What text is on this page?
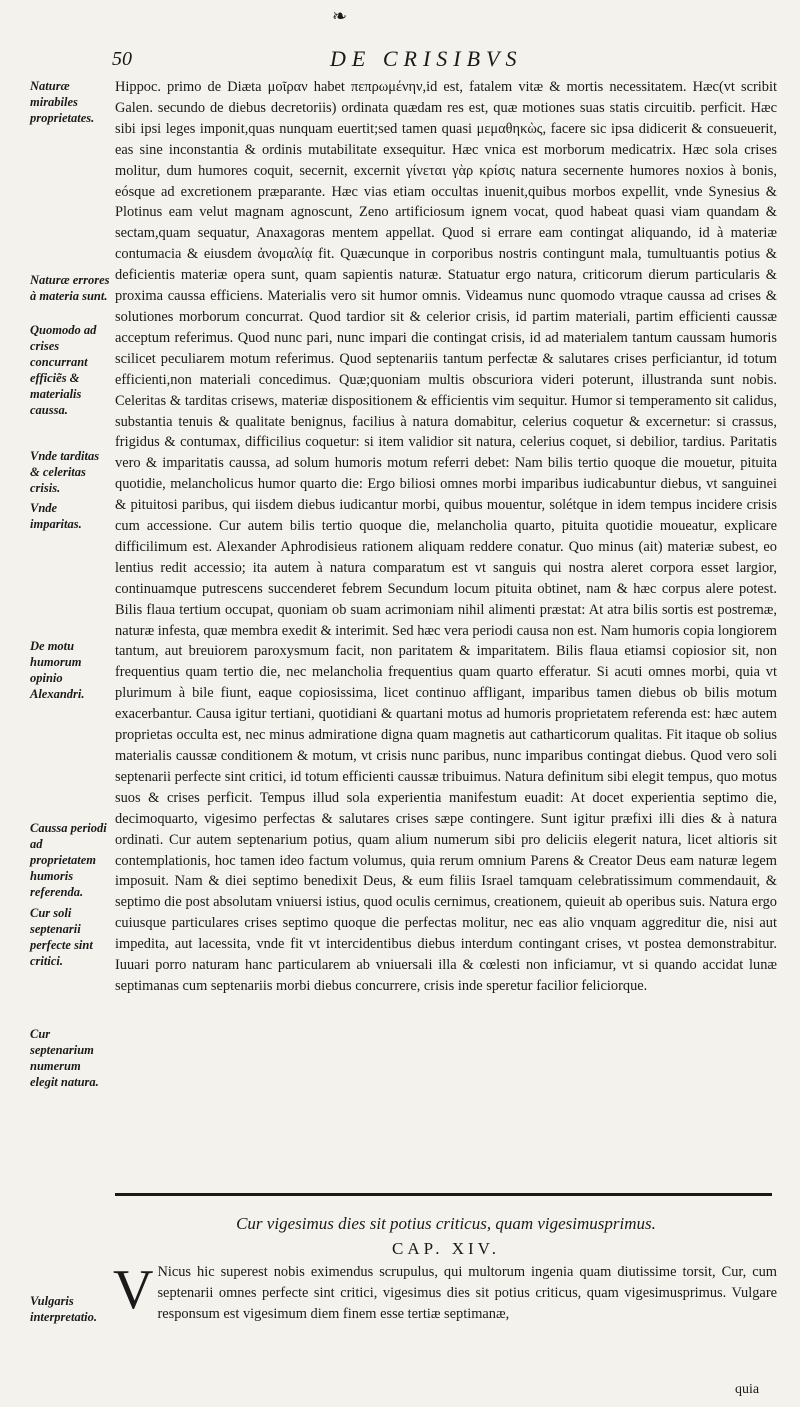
❧
50	DE CRISIBVS
Naturæ mirabiles proprietates.
Naturæ errores à materia sunt.
Quomodo ad crises concurrant efficiẽs & materialis caussa.
Vnde tarditas & celeritas crisis.
Vnde imparitas.
De motu humorum opinio Alexandri.
Caussa periodi ad proprietatem humoris referenda.
Cur soli septenarii perfecte sint critici.
Cur septenarium numerum elegit natura.
Vulgaris interpretatio.

Hippoc. primo de Diæta μοῖραν habet πεπρωμένην,id est, fatalem vitæ & mortis necessitatem. Hæc(vt scribit Galen. secundo de diebus decretoriis) ordinata quædam res est, quæ motiones suas statis circuitib. perficit. Hæc sibi ipsi leges imponit,quas nunquam euertit;sed tamen quasi μεμαθηκὼς, facere sic ipsa didicerit & consueuerit, eas sine inconstantia & ordinis mutabilitate exsequitur. Hæc vnica est morborum medicatrix. Hæc sola crises molitur, dum humores coquit, secernit, excernit γίνεται γὰρ κρίσις natura secernente humores noxios à bonis, eósque ad excretionem præparante. Hæc vias etiam occultas inuenit,quibus morbos expellit, vnde Synesius & Plotinus eam velut magnam agnoscunt, Zeno artificiosum ignem vocat, quod habeat quasi viam quandam & sectam,quam sequatur, Anaxagoras mentem appellat. Quod si errare eam contingat aliquando, id à materiæ contumacia & eiusdem ἀνομαλίᾳ fit. Quæcunque in corporibus nostris contingunt mala, tumultuantis potius & deficientis materiæ opera sunt, quam sapientis naturæ. Statuatur ergo natura, criticorum dierum particularis & proxima caussa efficiens. Materialis vero sit humor omnis. Videamus nunc quomodo vtraque caussa ad crises & solutiones morborum concurrat. Quod tardior sit & celerior crisis, id partim materiali, partim efficienti caussæ acceptum referimus. Quod nunc pari, nunc impari die contingat crisis, id ad materialem tantum caussam humoris scilicet peculiarem motum referimus. Quod septenariis tantum perfectæ & salutares crises perficiantur, id totum efficienti,non materiali concedimus. Quæ;quoniam multis obscuriora videri poterunt, illustranda sunt nobis. Celeritas & tarditas crisews, materiæ dispositionem & efficientis vim sequitur. Humor si temperamento sit calidus, substantia tenuis & qualitate benignus, facilius à natura domabitur, celerius coquetur & excernetur: si crassus, frigidus & contumax, difficilius coquetur: si item validior sit natura, celerius coquet, si debilior, tardius. Paritatis vero & imparitatis caussa, ad solum humoris motum referri debet: Nam bilis tertio quoque die mouetur, pituita quotidie, melancholicus humor quarto die: Ergo biliosi omnes morbi imparibus iudicabuntur diebus, vt sanguinei & pituitosi paribus, qui iisdem diebus iudicantur morbi, quibus mouentur, solétque in idem tempus incidere crisis cum accessione. Cur autem bilis tertio quoque die, melancholia quarto, pituita quotidie moueatur, explicare difficilimum est. Alexander Aphrodisieus rationem aliquam reddere conatur. Quo minus (ait) materiæ subest, eo lentius redit accessio; ita autem à natura comparatum est vt sanguis qui nostra aleret corpora esset largior, continuamque putrescens succenderet febrem Secundum locum pituita obtinet, nam & hæc corpus alere potest. Bilis flaua tertium occupat, quoniam ob suam acrimoniam nihil alimenti præstat: At atra bilis sortis est postremæ, naturæ infesta, quæ membra exedit & interimit. Sed hæc vera periodi causa non est. Nam humoris copia longiorem tantum, aut breuiorem paroxysmum facit, non paritatem & imparitatem. Bilis flaua etiamsi copiosior sit, non frequentius quam tertio die, nec melancholia frequentius quam quarto efferatur. Si acuti omnes morbi, quia vt plurimum à bile fiunt, eaque copiosissima, licet continuo affligant, imparibus tamen diebus ob bilis motum exacerbantur. Causa igitur tertiani, quotidiani & quartani motus ad humoris proprietatem referenda est: hæc autem proprietas occulta est, nec minus admiratione digna quam magnetis aut catharticorum qualitas. Fit itaque ob solius materialis caussæ conditionem & motum, vt crisis nunc paribus, nunc imparibus contingat diebus. Quod vero soli septenarii perfecte sint critici, id totum efficienti caussæ tribuimus. Natura definitum sibi elegit tempus, quo motus suos & crises perficit. Tempus illud sola experientia manifestum euadit: At docet experientia septimo die, decimoquarto, vigesimo perfectas & salutares crises sæpe contingere. Sunt igitur præfixi illi dies & à natura ordinati. Cur autem septenarium potius, quam alium numerum sibi pro deliciis elegerit natura, licet altioris sit contemplationis, hoc tamen ideo factum volumus, quia rerum omnium Parens & Creator Deus eam naturæ legem imposuit. Nam & diei septimo benedixit Deus, & eum filiis Israel tamquam celebratissimum commendauit, & septimo die post absolutam vniuersi istius, quod oculis cernimus, creationem, quieuit ab operibus suis. Natura ergo cuiusque particulares crises septimo quoque die perfectas molitur, nec eas alio vnquam aggreditur die, nisi aut impedita, aut lacessita, vnde fit vt intercidentibus diebus interdum contingant crises, vt postea demonstrabitur. Iuuari porro naturam hanc particularem ab vniuersali illa & cœlesti non inficiamur, vt si quando accidat lunæ septimanas cum septenariis morbi diebus concurrere, crisis inde speretur facilior feliciorque.

Cur vigesimus dies sit potius criticus, quam vigesimusprimus.
CAP. XIV.
V Nicus hic superest nobis eximendus scrupulus, qui multorum ingenia quam diutissime torsit, Cur, cum septenarii omnes perfecte sint critici, vigesimus dies sit potius criticus, quam vigesimusprimus. Vulgare responsum est vigesimum diem finem esse tertiæ septimanæ,
quia
